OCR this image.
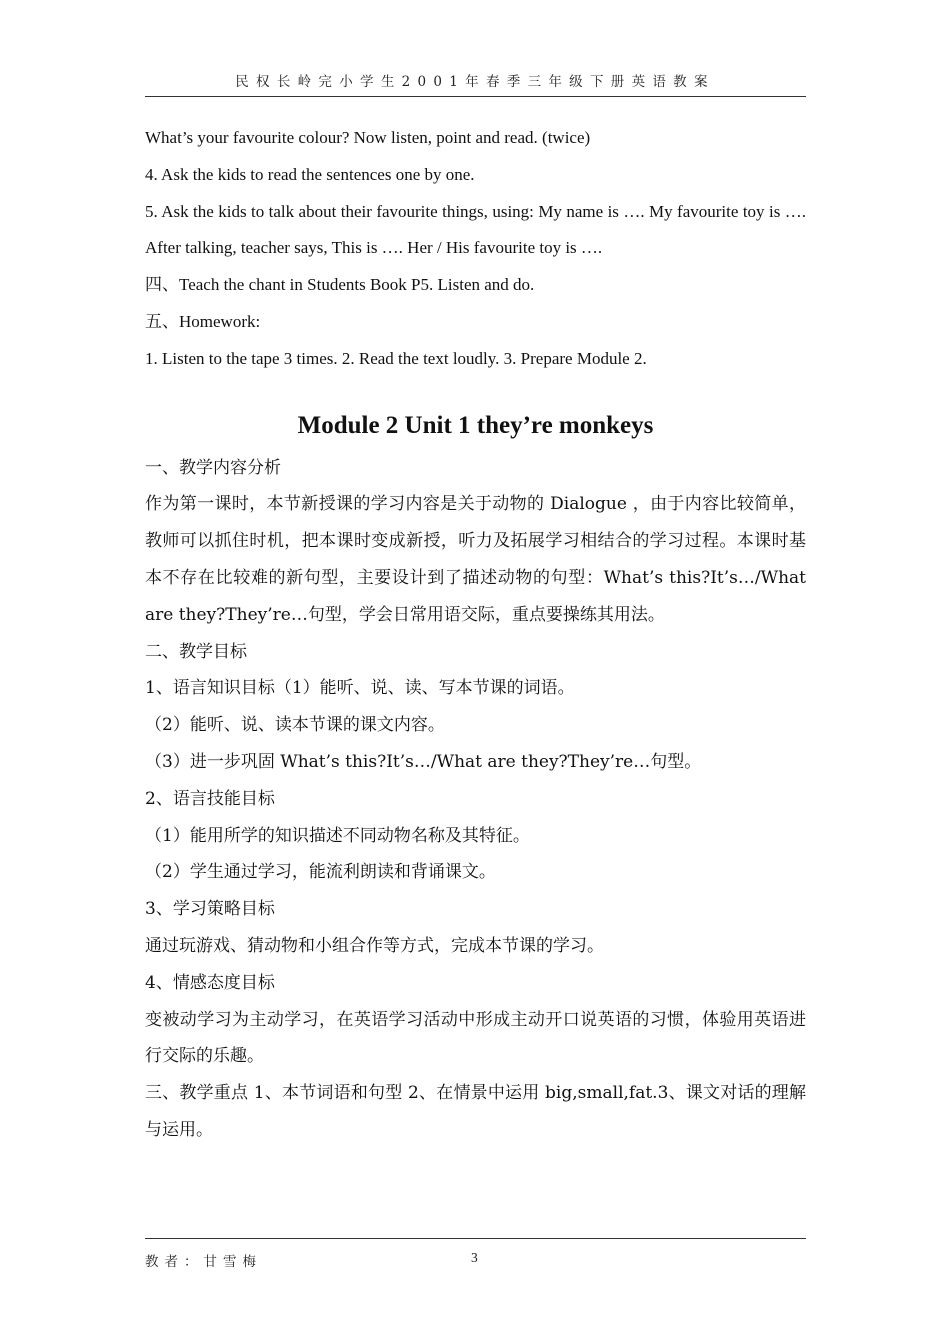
民权长岭完小学生2001年春季三年级下册英语教案

What’s your favourite colour? Now listen, point and read. (twice)

4. Ask the kids to read the sentences one by one.

5. Ask the kids to talk about their favourite things, using: My name is …. My favourite toy is …. After talking, teacher says, This is …. Her / His favourite toy is ….

四、Teach the chant in Students Book P5. Listen and do.

五、Homework:

1. Listen to the tape 3 times. 2. Read the text loudly. 3. Prepare Module 2.

Module 2 Unit 1 they’re monkeys

一、教学内容分析

作为第一课时，本节新授课的学习内容是关于动物的 Dialogue ，由于内容比较简单，教师可以抓住时机，把本课时变成新授，听力及拓展学习相结合的学习过程。本课时基本不存在比较难的新句型，主要设计到了描述动物的句型：What’s this?It’s…/What are they?They’re…句型，学会日常用语交际，重点要操练其用法。

二、教学目标

1、语言知识目标（1）能听、说、读、写本节课的词语。

（2）能听、说、读本节课的课文内容。

（3）进一步巩固 What’s this?It’s…/What are they?They’re…句型。

2、语言技能目标

（1）能用所学的知识描述不同动物名称及其特征。

（2）学生通过学习，能流利朗读和背诵课文。

3、学习策略目标

通过玩游戏、猜动物和小组合作等方式，完成本节课的学习。

4、情感态度目标

变被动学习为主动学习，在英语学习活动中形成主动开口说英语的习惯，体验用英语进行交际的乐趣。

三、教学重点 1、本节词语和句型 2、在情景中运用 big,small,fat.3、课文对话的理解与运用。

教者：甘雪梅	3
